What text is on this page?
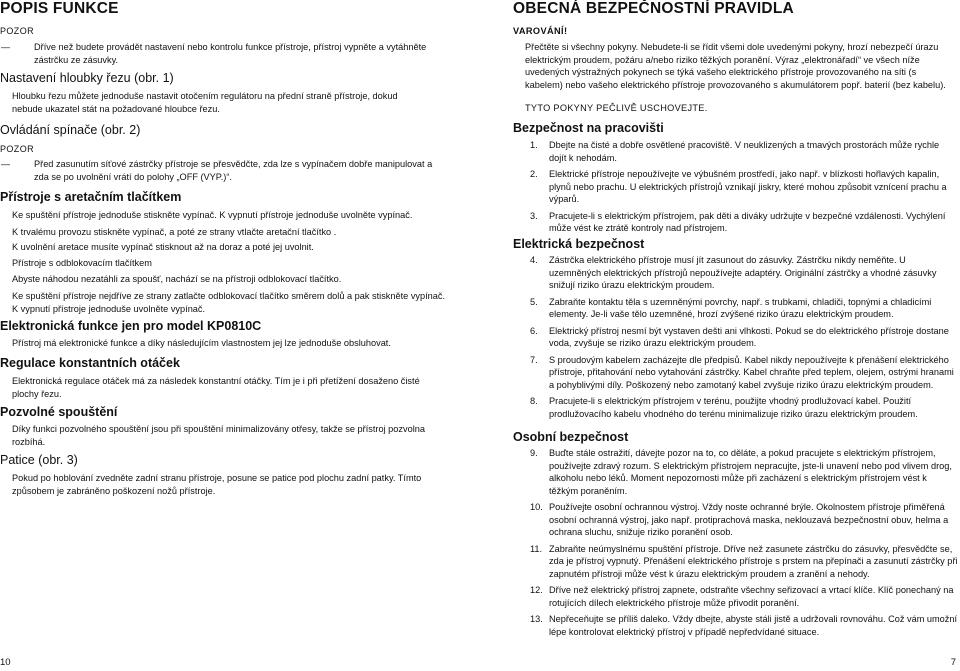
POPIS FUNKCE

POZOR

— Dříve než budete provádět nastavení nebo kontrolu funkce přístroje, přístroj vypněte a vytáhněte zástrčku ze zásuvky.

Nastavení hloubky řezu (obr. 1)

Hloubku řezu můžete jednoduše nastavit otočením regulátoru na přední straně přístroje, dokud nebude ukazatel stát na požadované hloubce řezu.

Ovládání spínače (obr. 2)

POZOR

— Před zasunutím síťové zástrčky přístroje se přesvědčte, zda lze s vypínačem dobře manipulovat a zda se po uvolnění vrátí do polohy „OFF (VYP.)“.

Přístroje s aretačním tlačítkem

Ke spuštění přístroje jednoduše stiskněte vypínač. K vypnutí přístroje jednoduše uvolněte vypínač.

K trvalému provozu stiskněte vypínač, a poté ze strany vtlačte aretační tlačítko .

K uvolnění aretace musíte vypínač stisknout až na doraz a poté jej uvolnit.

Přístroje s odblokovacím tlačítkem

Abyste náhodou nezatáhli za spoušť, nachází se na přístroji odblokovací tlačítko.

Ke spuštění přístroje nejdříve ze strany zatlačte odblokovací tlačítko směrem dolů a pak stiskněte vypínač. K vypnutí přístroje jednoduše uvolněte vypínač.

Elektronická funkce jen pro model KP0810C

Přístroj má elektronické funkce a díky následujícím vlastnostem jej lze jednoduše obsluhovat.

Regulace konstantních otáček

Elektronická regulace otáček má za následek konstantní otáčky. Tím je i při přetížení dosaženo čisté plochy řezu.

Pozvolné spouštění

Díky funkci pozvolného spouštění jsou při spouštění minimalizovány otřesy, takže se přístroj pozvolna rozbíhá.

Patice (obr. 3)

Pokud po hoblování zvedněte zadní stranu přístroje, posune se patice pod plochu zadní patky. Tímto způsobem je zabráněno poškození nožů přístroje.

10

OBECNÁ BEZPEČNOSTNÍ PRAVIDLA

VAROVÁNÍ!

Přečtěte si všechny pokyny. Nebudete-li se řídit všemi dole uvedenými pokyny, hrozí nebezpečí úrazu elektrickým proudem, požáru a/nebo riziko těžkých poranění. Výraz „elektronářadí“ ve všech níže uvedených výstražných pokynech se týká vašeho elektrického přístroje provozovaného na síti (s kabelem) nebo vašeho elektrického přístroje provozovaného s akumulátorem popř. baterií (bez kabelu).

TYTO POKYNY PEČLIVĚ USCHOVEJTE.

Bezpečnost na pracovišti

1. Dbejte na čisté a dobře osvětlené pracoviště. V neuklizených a tmavých prostorách může rychle dojít k nehodám.
2. Elektrické přístroje nepoužívejte ve výbušném prostředí, jako např. v blízkosti hořlavých kapalin, plynů nebo prachu. U elektrických přístrojů vznikají jiskry, které mohou způsobit vznícení prachu a výparů.
3. Pracujete-li s elektrickým přístrojem, pak děti a diváky udržujte v bezpečné vzdálenosti. Vychýlení může vést ke ztrátě kontroly nad přístrojem.

Elektrická bezpečnost

4. Zástrčka elektrického přístroje musí jít zasunout do zásuvky. Zástrčku nikdy neměňte. U uzemněných elektrických přístrojů nepoužívejte adaptéry. Originální zástrčky a vhodné zásuvky snižují riziko úrazu elektrickým proudem.
5. Zabraňte kontaktu těla s uzemněnými povrchy, např. s trubkami, chladiči, topnými a chladicími elementy. Je-li vaše tělo uzemněné, hrozí zvýšené riziko úrazu elektrickým proudem.
6. Elektrický přístroj nesmí být vystaven dešti ani vlhkosti. Pokud se do elektrického přístroje dostane voda, zvyšuje se riziko úrazu elektrickým proudem.
7. S proudovým kabelem zacházejte dle předpisů. Kabel nikdy nepoužívejte k přenášení elektrického přístroje, přitahování nebo vytahování zástrčky. Kabel chraňte před teplem, olejem, ostrými hranami a pohyblivými díly. Poškozený nebo zamotaný kabel zvyšuje riziko úrazu elektrickým proudem.
8. Pracujete-li s elektrickým přístrojem v terénu, použijte vhodný prodlužovací kabel. Použití prodlužovacího kabelu vhodného do terénu minimalizuje riziko úrazu elektrickým proudem.

Osobní bezpečnost

9. Buďte stále ostražití, dávejte pozor na to, co děláte, a pokud pracujete s elektrickým přístrojem, používejte zdravý rozum. S elektrickým přístrojem nepracujte, jste-li unavení nebo pod vlivem drog, alkoholu nebo léků. Moment nepozornosti může při zacházení s elektrickým přístrojem vést k těžkým poraněním.
10. Používejte osobní ochrannou výstroj. Vždy noste ochranné brýle. Okolnostem přístroje přiměřená osobní ochranná výstroj, jako např. protiprachová maska, neklouzavá bezpečnostní obuv, helma a ochrana sluchu, snižuje riziko poranění osob.
11. Zabraňte neúmyslnému spuštění přístroje. Dříve než zasunete zástrčku do zásuvky, přesvědčte se, zda je přístroj vypnutý. Přenášení elektrického přístroje s prstem na přepínači a zasunutí zástrčky při zapnutém přístroji může vést k úrazu elektrickým proudem a zranění a nehody.
12. Dříve než elektrický přístroj zapnete, odstraňte všechny seřizovací a vrtací klíče. Klíč ponechaný na rotujících dílech elektrického přístroje může přivodit poranění.
13. Nepřeceňujte se příliš daleko. Vždy dbejte, abyste stáli jistě a udržovali rovnováhu. Což vám umožní lépe kontrolovat elektrický přístroj v případě nepředvídané situace.

7
